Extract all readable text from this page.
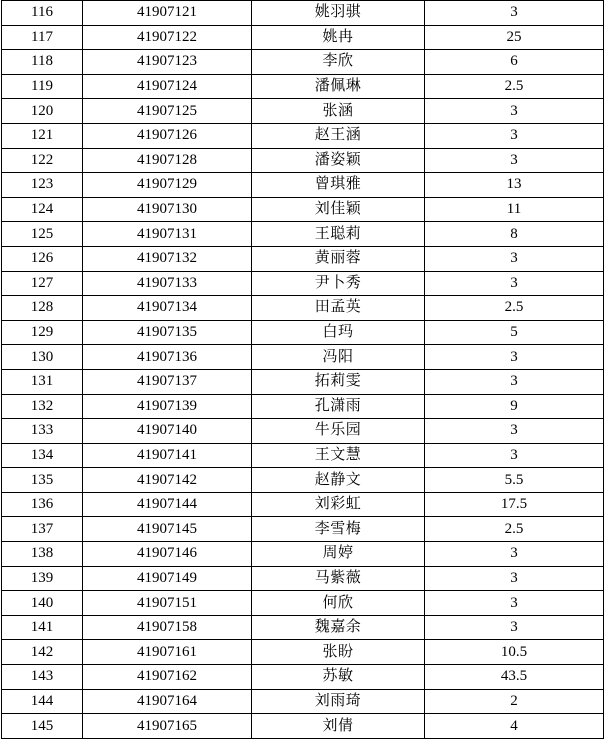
116	41907121	姚羽骐	3
117	41907122	姚冉	25
118	41907123	李欣	6
119	41907124	潘佩琳	2.5
120	41907125	张涵	3
121	41907126	赵王涵	3
122	41907128	潘姿颖	3
123	41907129	曾琪雅	13
124	41907130	刘佳颖	11
125	41907131	王聪莉	8
126	41907132	黄丽蓉	3
127	41907133	尹卜秀	3
128	41907134	田孟英	2.5
129	41907135	白玛	5
130	41907136	冯阳	3
131	41907137	拓莉雯	3
132	41907139	孔潇雨	9
133	41907140	牛乐园	3
134	41907141	王文慧	3
135	41907142	赵静文	5.5
136	41907144	刘彩虹	17.5
137	41907145	李雪梅	2.5
138	41907146	周婷	3
139	41907149	马紫薇	3
140	41907151	何欣	3
141	41907158	魏嘉余	3
142	41907161	张盼	10.5
143	41907162	苏敏	43.5
144	41907164	刘雨琦	2
145	41907165	刘倩	4
